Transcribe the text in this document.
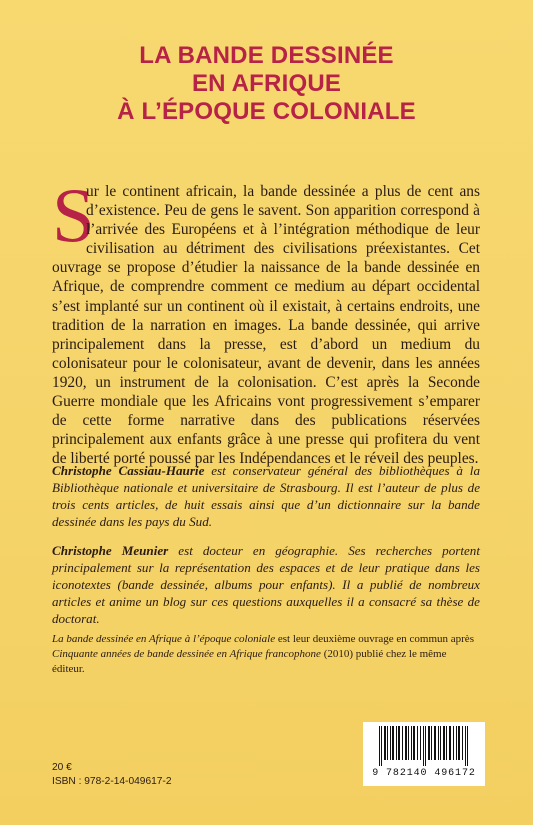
LA BANDE DESSINÉE
EN AFRIQUE
À L’ÉPOQUE COLONIALE
S
ur le continent africain, la bande dessinée a plus de cent ans d’existence. Peu de gens le savent. Son apparition correspond à l’arrivée des Européens et à l’intégration méthodique de leur civilisation au détriment des civilisations préexistantes. Cet ouvrage se propose d’étudier la naissance de la bande dessinée en Afrique, de comprendre comment ce medium au départ occidental s’est implanté sur un continent où il existait, à certains endroits, une tradition de la narration en images. La bande dessinée, qui arrive principalement dans la presse, est d’abord un medium du colonisateur pour le colonisateur, avant de devenir, dans les années 1920, un instrument de la colonisation. C’est après la Seconde Guerre mondiale que les Africains vont progressivement s’emparer de cette forme narrative dans des publications réservées principalement aux enfants grâce à une presse qui profitera du vent de liberté porté poussé par les Indépendances et le réveil des peuples.
Christophe Cassiau-Haurie est conservateur général des bibliothèques à la Bibliothèque nationale et universitaire de Strasbourg. Il est l’auteur de plus de trois cents articles, de huit essais ainsi que d’un dictionnaire sur la bande dessinée dans les pays du Sud.
Christophe Meunier est docteur en géographie. Ses recherches portent principalement sur la représentation des espaces et de leur pratique dans les iconotextes (bande dessinée, albums pour enfants). Il a publié de nombreux articles et anime un blog sur ces questions auxquelles il a consacré sa thèse de doctorat.
La bande dessinée en Afrique à l’époque coloniale est leur deuxième ouvrage en commun après Cinquante années de bande dessinée en Afrique francophone (2010) publié chez le même éditeur.
20 €
ISBN : 978-2-14-049617-2
9 782140 496172
